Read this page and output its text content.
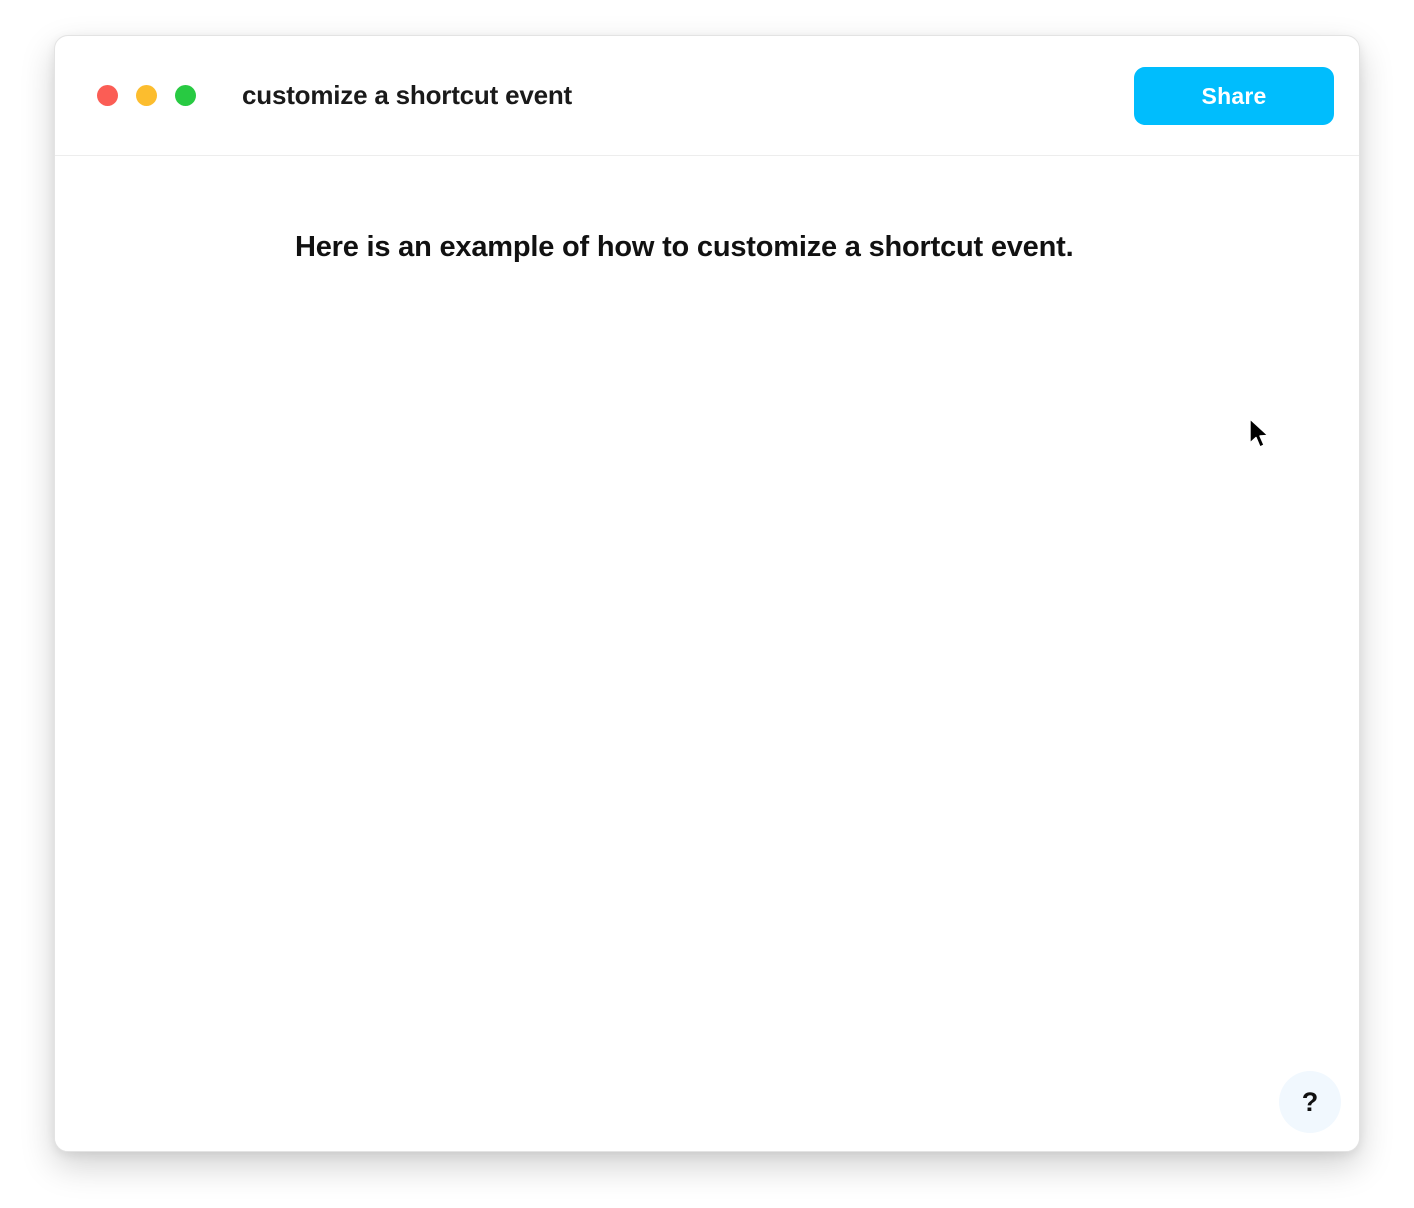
customize a shortcut event	Share
Here is an example of how to customize a shortcut event.
?
